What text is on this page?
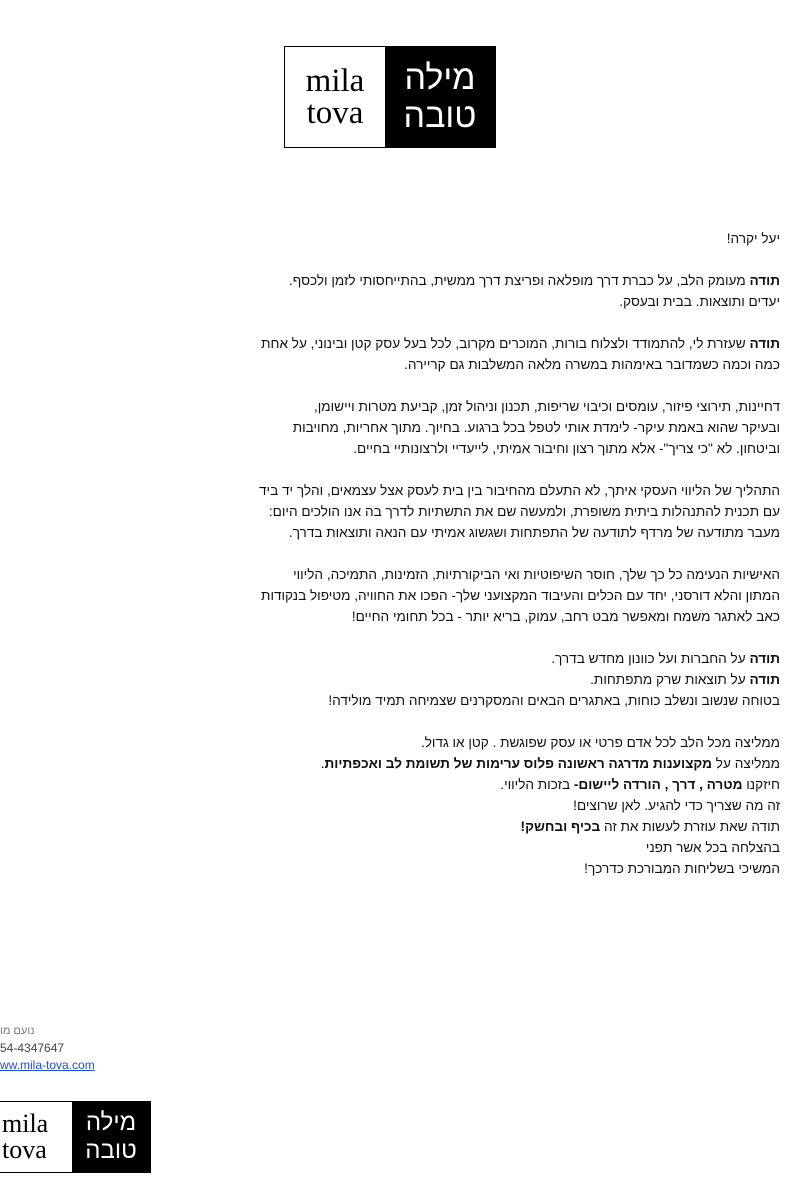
mila
tova
מילה
טובה

יעל יקרה!

תודה מעומק הלב, על כברת דרך מופלאה ופריצת דרך ממשית, בהתייחסותי לזמן ולכסף.
יעדים ותוצאות. בבית ובעסק.

תודה שעזרת לי, להתמודד ולצלוח בורות, המוכרים מקרוב, לכל בעל עסק קטן ובינוני, על אחת
כמה וכמה כשמדובר באימהות במשרה מלאה המשלבות גם קריירה.

דחיינות, תירוצי פיזור, עומסים וכיבוי שריפות, תכנון וניהול זמן, קביעת מטרות ויישומן,
ובעיקר שהוא באמת עיקר- לימדת אותי לטפל בכל ברגוע. בחיוך. מתוך אחריות, מחויבות
וביטחון. לא "כי צריך"- אלא מתוך רצון וחיבור אמיתי, לייעדיי ולרצונותיי בחיים.

התהליך של הליווי העסקי איתך, לא התעלם מהחיבור בין בית לעסק אצל עצמאים, והלך יד ביד
עם תכנית להתנהלות ביתית משופרת, ולמעשה שם את התשתיות לדרך בה אנו הולכים היום:
מעבר מתודעה של מרדף לתודעה של התפתחות ושגשוג אמיתי עם הנאה ותוצאות בדרך.

האישיות הנעימה כל כך שלך, חוסר השיפוטיות ואי הביקורתיות, הזמינות, התמיכה, הליווי
המתון והלא דורסני, יחד עם הכלים והעיבוד המקצועני שלך- הפכו את החוויה, מטיפול בנקודות
כאב לאתגר משמח ומאפשר מבט רחב, עמוק, בריא יותר - בכל תחומי החיים!

תודה על החברות ועל כוונון מחדש בדרך.
תודה על תוצאות שרק מתפתחות.
בטוחה שנשוב ונשלב כוחות, באתגרים הבאים והמסקרנים שצמיחה תמיד מולידה!

ממליצה מכל הלב לכל אדם פרטי או עסק שפוגשת . קטן או גדול.
ממליצה על מקצוענות מדרגה ראשונה פלוס ערימות של תשומת לב ואכפתיות.
חיזקנו מטרה , דרך , הורדה ליישום- בזכות הליווי.
זה מה שצריך כדי להגיע. לאן שרוצים!
תודה שאת עוזרת לעשות את זה בכיף ובחשק!
בהצלחה בכל אשר תפני
המשיכי בשליחות המבורכת כדרכך!

נועם מו
54-4347647
ww.mila-tova.com
mila
tova
מילה
טובה
